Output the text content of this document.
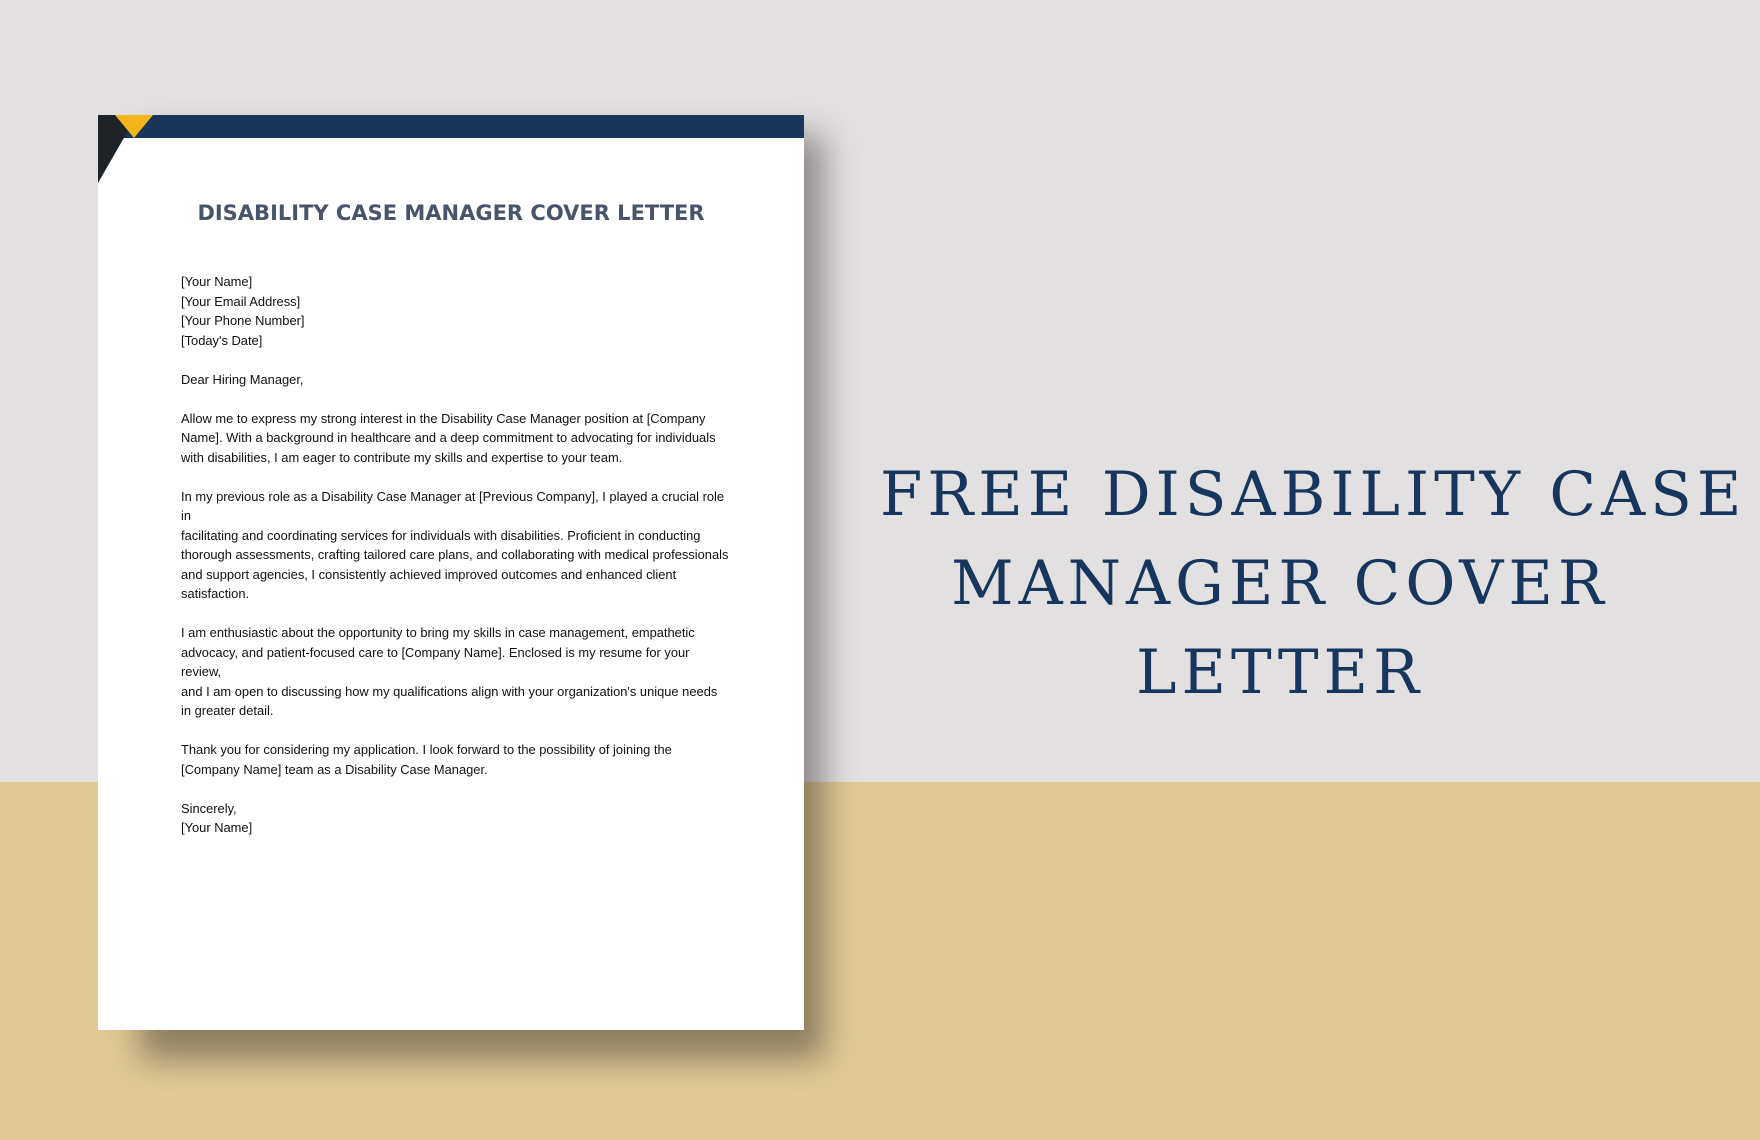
DISABILITY CASE MANAGER COVER LETTER

[Your Name]
[Your Email Address]
[Your Phone Number]
[Today's Date]

Dear Hiring Manager,

Allow me to express my strong interest in the Disability Case Manager position at [Company
Name]. With a background in healthcare and a deep commitment to advocating for individuals
with disabilities, I am eager to contribute my skills and expertise to your team.

In my previous role as a Disability Case Manager at [Previous Company], I played a crucial role in
facilitating and coordinating services for individuals with disabilities. Proficient in conducting
thorough assessments, crafting tailored care plans, and collaborating with medical professionals
and support agencies, I consistently achieved improved outcomes and enhanced client
satisfaction.

I am enthusiastic about the opportunity to bring my skills in case management, empathetic
advocacy, and patient-focused care to [Company Name]. Enclosed is my resume for your review,
and I am open to discussing how my qualifications align with your organization's unique needs
in greater detail.

Thank you for considering my application. I look forward to the possibility of joining the
[Company Name] team as a Disability Case Manager.

Sincerely,
[Your Name]

FREE DISABILITY CASE
MANAGER COVER
LETTER
